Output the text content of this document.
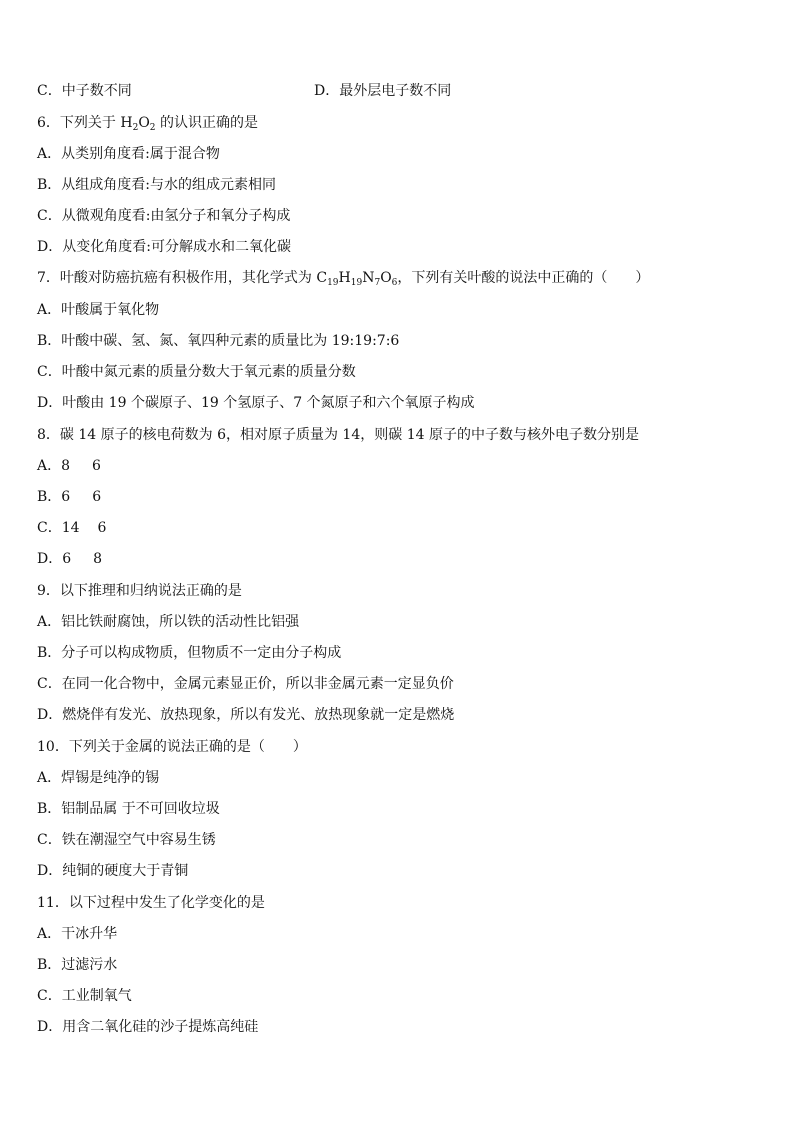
C．中子数不同	D．最外层电子数不同
6．下列关于 $H_2O_2$ 的认识正确的是
A．从类别角度看:属于混合物
B．从组成角度看:与水的组成元素相同
C．从微观角度看:由氢分子和氧分子构成
D．从变化角度看:可分解成水和二氧化碳
7．叶酸对防癌抗癌有积极作用，其化学式为 $C_{19}H_{19}N_7O_6$，下列有关叶酸的说法中正确的（　　）
A．叶酸属于氧化物
B．叶酸中碳、氢、氮、氧四种元素的质量比为 19:19:7:6
C．叶酸中氮元素的质量分数大于氧元素的质量分数
D．叶酸由 19 个碳原子、19 个氢原子、7 个氮原子和六个氧原子构成
8．碳 14 原子的核电荷数为 6，相对原子质量为 14，则碳 14 原子的中子数与核外电子数分别是
A．8 6
B．6 6
C．14 6
D．6 8
9．以下推理和归纳说法正确的是
A．铝比铁耐腐蚀，所以铁的活动性比铝强
B．分子可以构成物质，但物质不一定由分子构成
C．在同一化合物中，金属元素显正价，所以非金属元素一定显负价
D．燃烧伴有发光、放热现象，所以有发光、放热现象就一定是燃烧
10．下列关于金属的说法正确的是（　　）
A．焊锡是纯净的锡
B．铝制品属 于不可回收垃圾
C．铁在潮湿空气中容易生锈
D．纯铜的硬度大于青铜
11．以下过程中发生了化学变化的是
A．干冰升华
B．过滤污水
C．工业制氧气
D．用含二氧化硅的沙子提炼高纯硅
